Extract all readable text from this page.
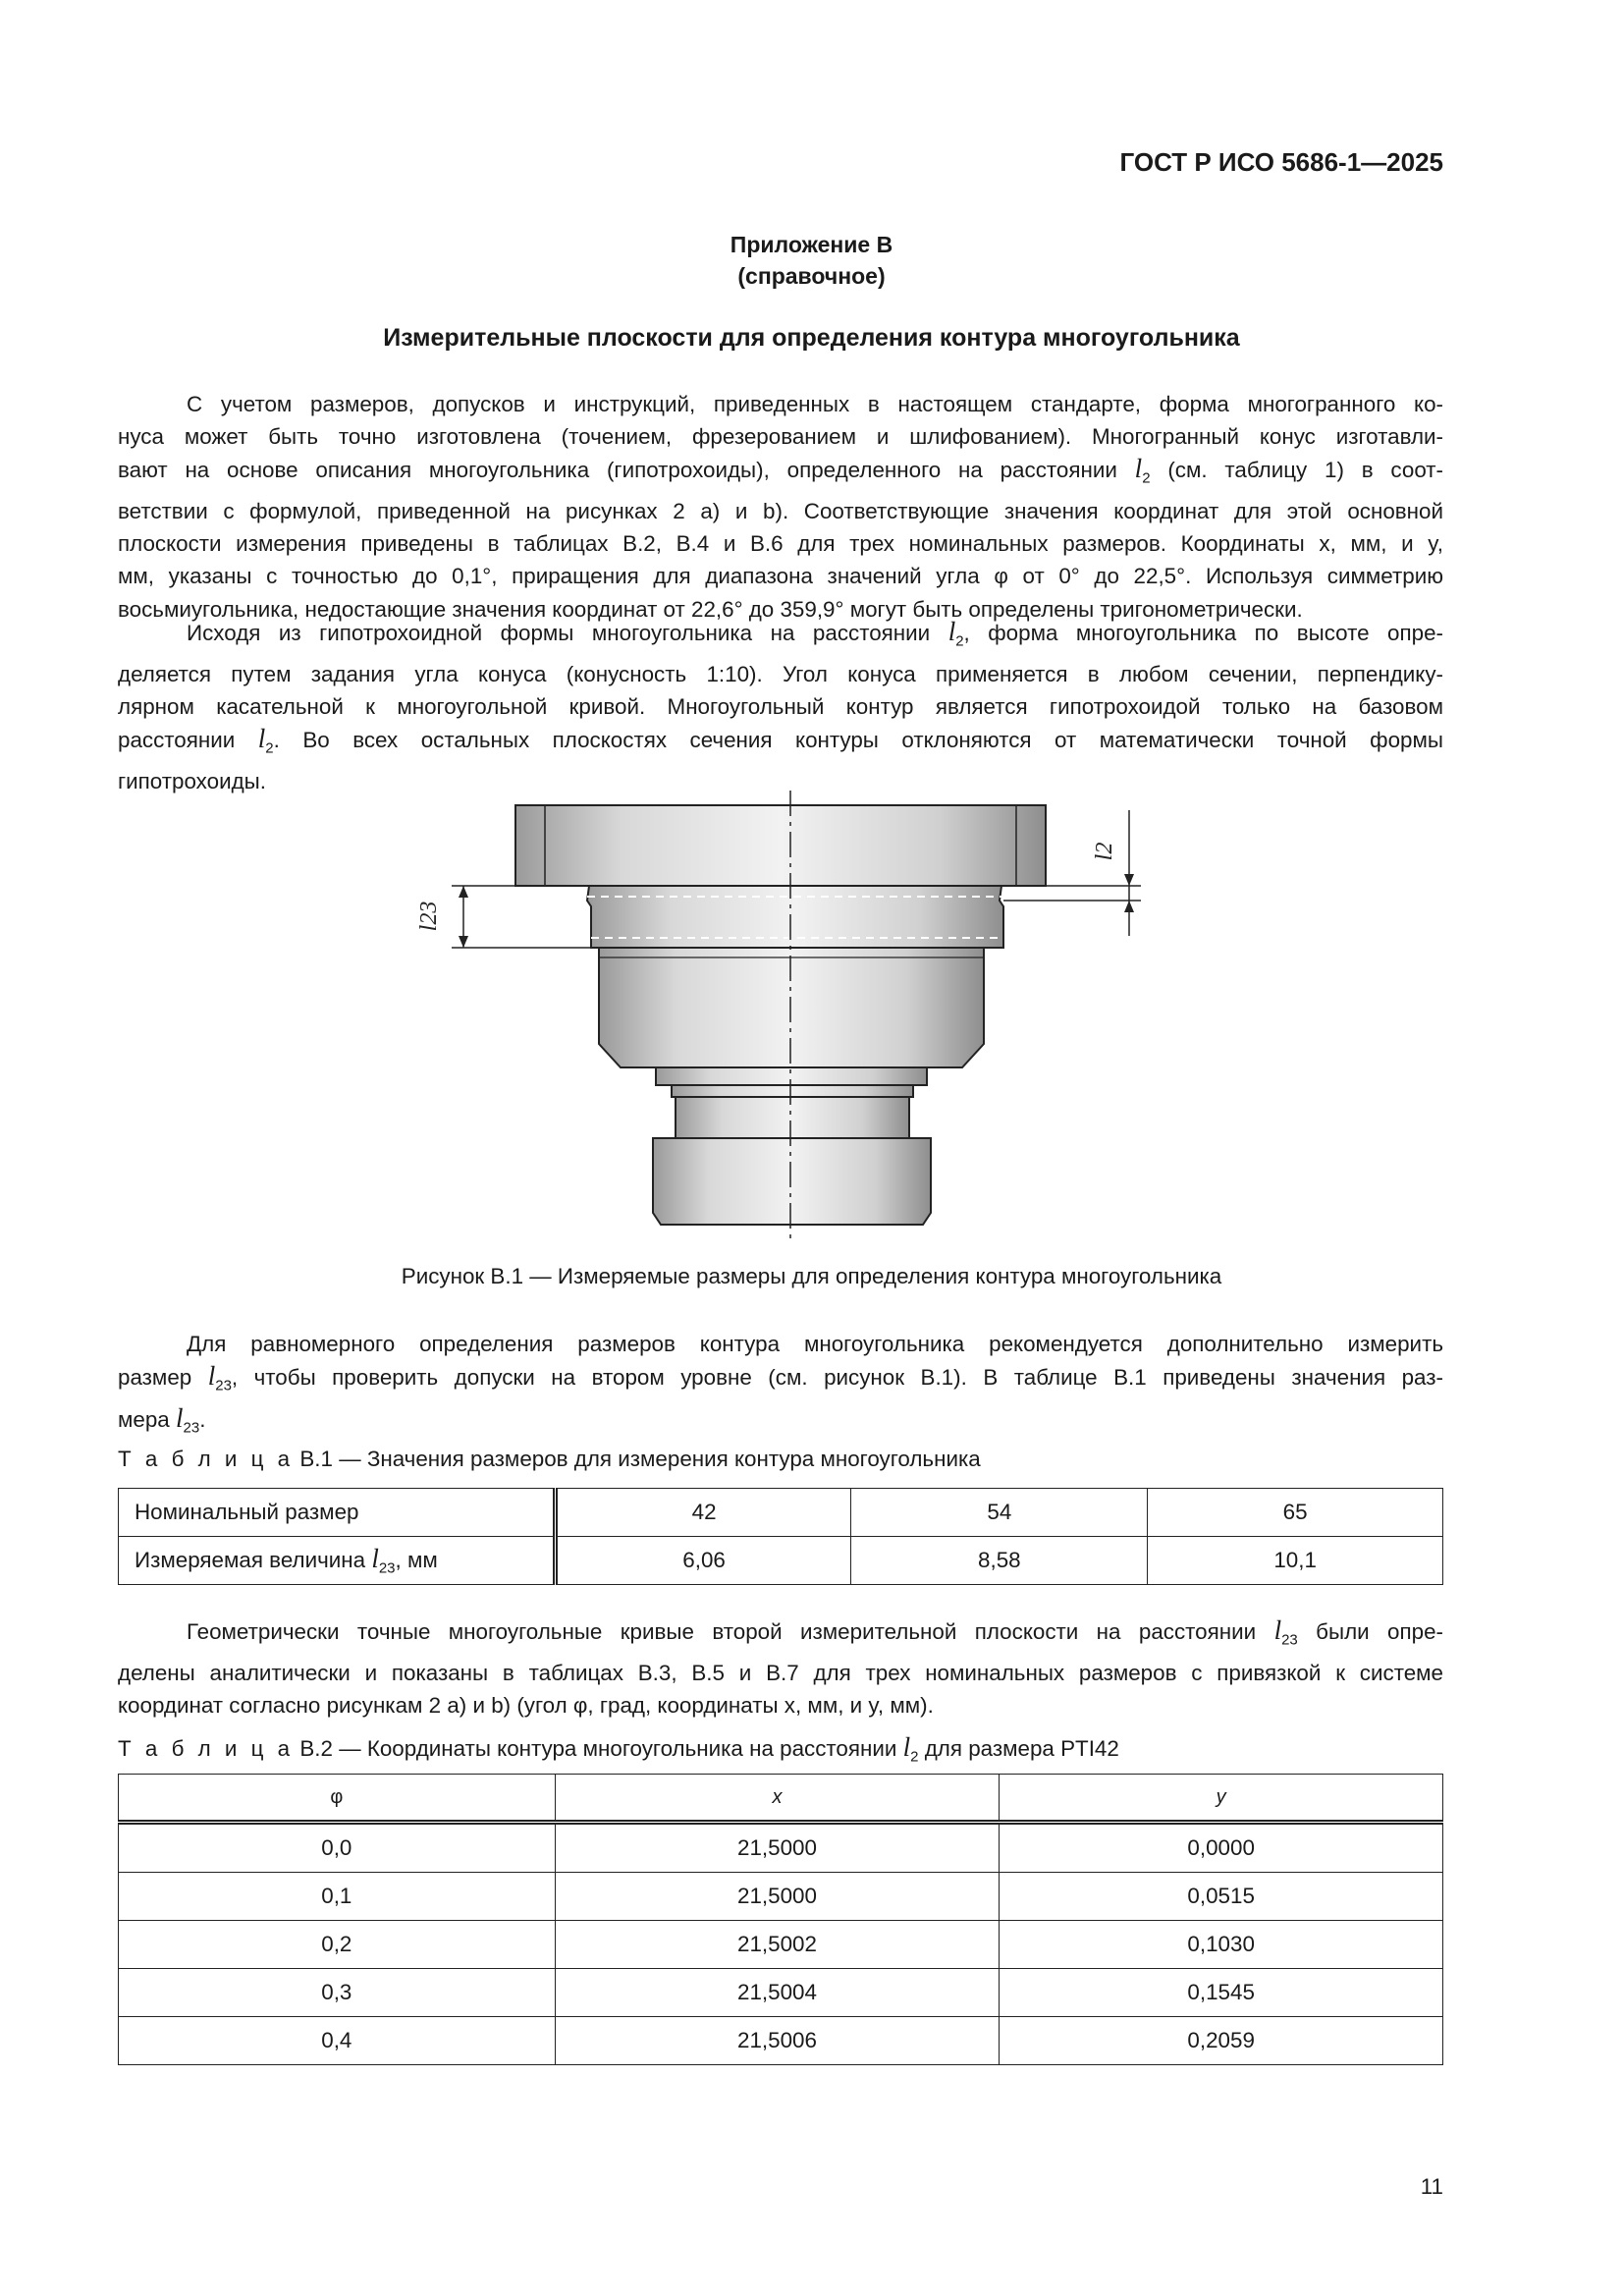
ГОСТ Р ИСО 5686-1—2025
Приложение В
(справочное)
Измерительные плоскости для определения контура многоугольника
С учетом размеров, допусков и инструкций, приведенных в настоящем стандарте, форма многогранного ко-
нуса может быть точно изготовлена (точением, фрезерованием и шлифованием). Многогранный конус изготавли-
вают на основе описания многоугольника (гипотрохоиды), определенного на расстоянии $l_2$ (см. таблицу 1) в соот-
ветствии с формулой, приведенной на рисунках 2 a) и b). Соответствующие значения координат для этой основной
плоскости измерения приведены в таблицах В.2, В.4 и В.6 для трех номинальных размеров. Координаты x, мм, и y,
мм, указаны с точностью до 0,1°, приращения для диапазона значений угла φ от 0° до 22,5°. Используя симметрию
восьмиугольника, недостающие значения координат от 22,6° до 359,9° могут быть определены тригонометрически.
Исходя из гипотрохоидной формы многоугольника на расстоянии $l_2$, форма многоугольника по высоте опре-
деляется путем задания угла конуса (конусность 1:10). Угол конуса применяется в любом сечении, перпендику-
лярном касательной к многоугольной кривой. Многоугольный контур является гипотрохоидой только на базовом
расстоянии $l_2$. Во всех остальных плоскостях сечения контуры отклоняются от математически точной формы
гипотрохоиды.
l2
l23
Рисунок В.1 — Измеряемые размеры для определения контура многоугольника
Для равномерного определения размеров контура многоугольника рекомендуется дополнительно измерить
размер $l_{23}$, чтобы проверить допуски на втором уровне (см. рисунок В.1). В таблице В.1 приведены значения раз-
мера $l_{23}$.
Т а б л и ц а В.1 — Значения размеров для измерения контура многоугольника
Номинальный размер	42	54	65
Измеряемая величина $l_{23}$, мм	6,06	8,58	10,1
Геометрически точные многоугольные кривые второй измерительной плоскости на расстоянии $l_{23}$ были опре-
делены аналитически и показаны в таблицах В.3, В.5 и В.7 для трех номинальных размеров с привязкой к системе
координат согласно рисункам 2 a) и b) (угол φ, град, координаты x, мм, и y, мм).
Т а б л и ц а В.2 — Координаты контура многоугольника на расстоянии $l_2$ для размера PTI42
φ	x	y
0,0	21,5000	0,0000
0,1	21,5000	0,0515
0,2	21,5002	0,1030
0,3	21,5004	0,1545
0,4	21,5006	0,2059
11
